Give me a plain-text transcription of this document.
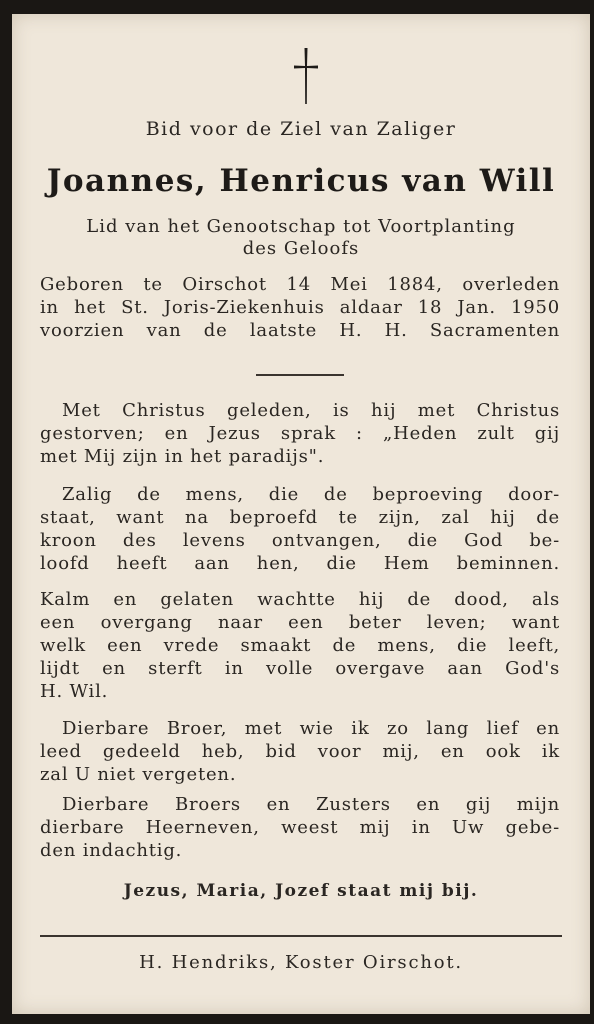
Bid voor de Ziel van Zaliger
Joannes, Henricus van Will
Lid van het Genootschap tot Voortplanting
des Geloofs
Geboren te Oirschot 14 Mei 1884, overleden
in het St. Joris-Ziekenhuis aldaar 18 Jan. 1950
voorzien van de laatste H. H. Sacramenten
Met Christus geleden, is hij met Christus
gestorven; en Jezus sprak : „Heden zult gij
met Mij zijn in het paradijs".
Zalig de mens, die de beproeving door-
staat, want na beproefd te zijn, zal hij de
kroon des levens ontvangen, die God be-
loofd heeft aan hen, die Hem beminnen.
Kalm en gelaten wachtte hij de dood, als
een overgang naar een beter leven; want
welk een vrede smaakt de mens, die leeft,
lijdt en sterft in volle overgave aan God's
H. Wil.
Dierbare Broer, met wie ik zo lang lief en
leed gedeeld heb, bid voor mij, en ook ik
zal U niet vergeten.
Dierbare Broers en Zusters en gij mijn
dierbare Heerneven, weest mij in Uw gebe-
den indachtig.
Jezus, Maria, Jozef staat mij bij.
H. Hendriks, Koster Oirschot.
